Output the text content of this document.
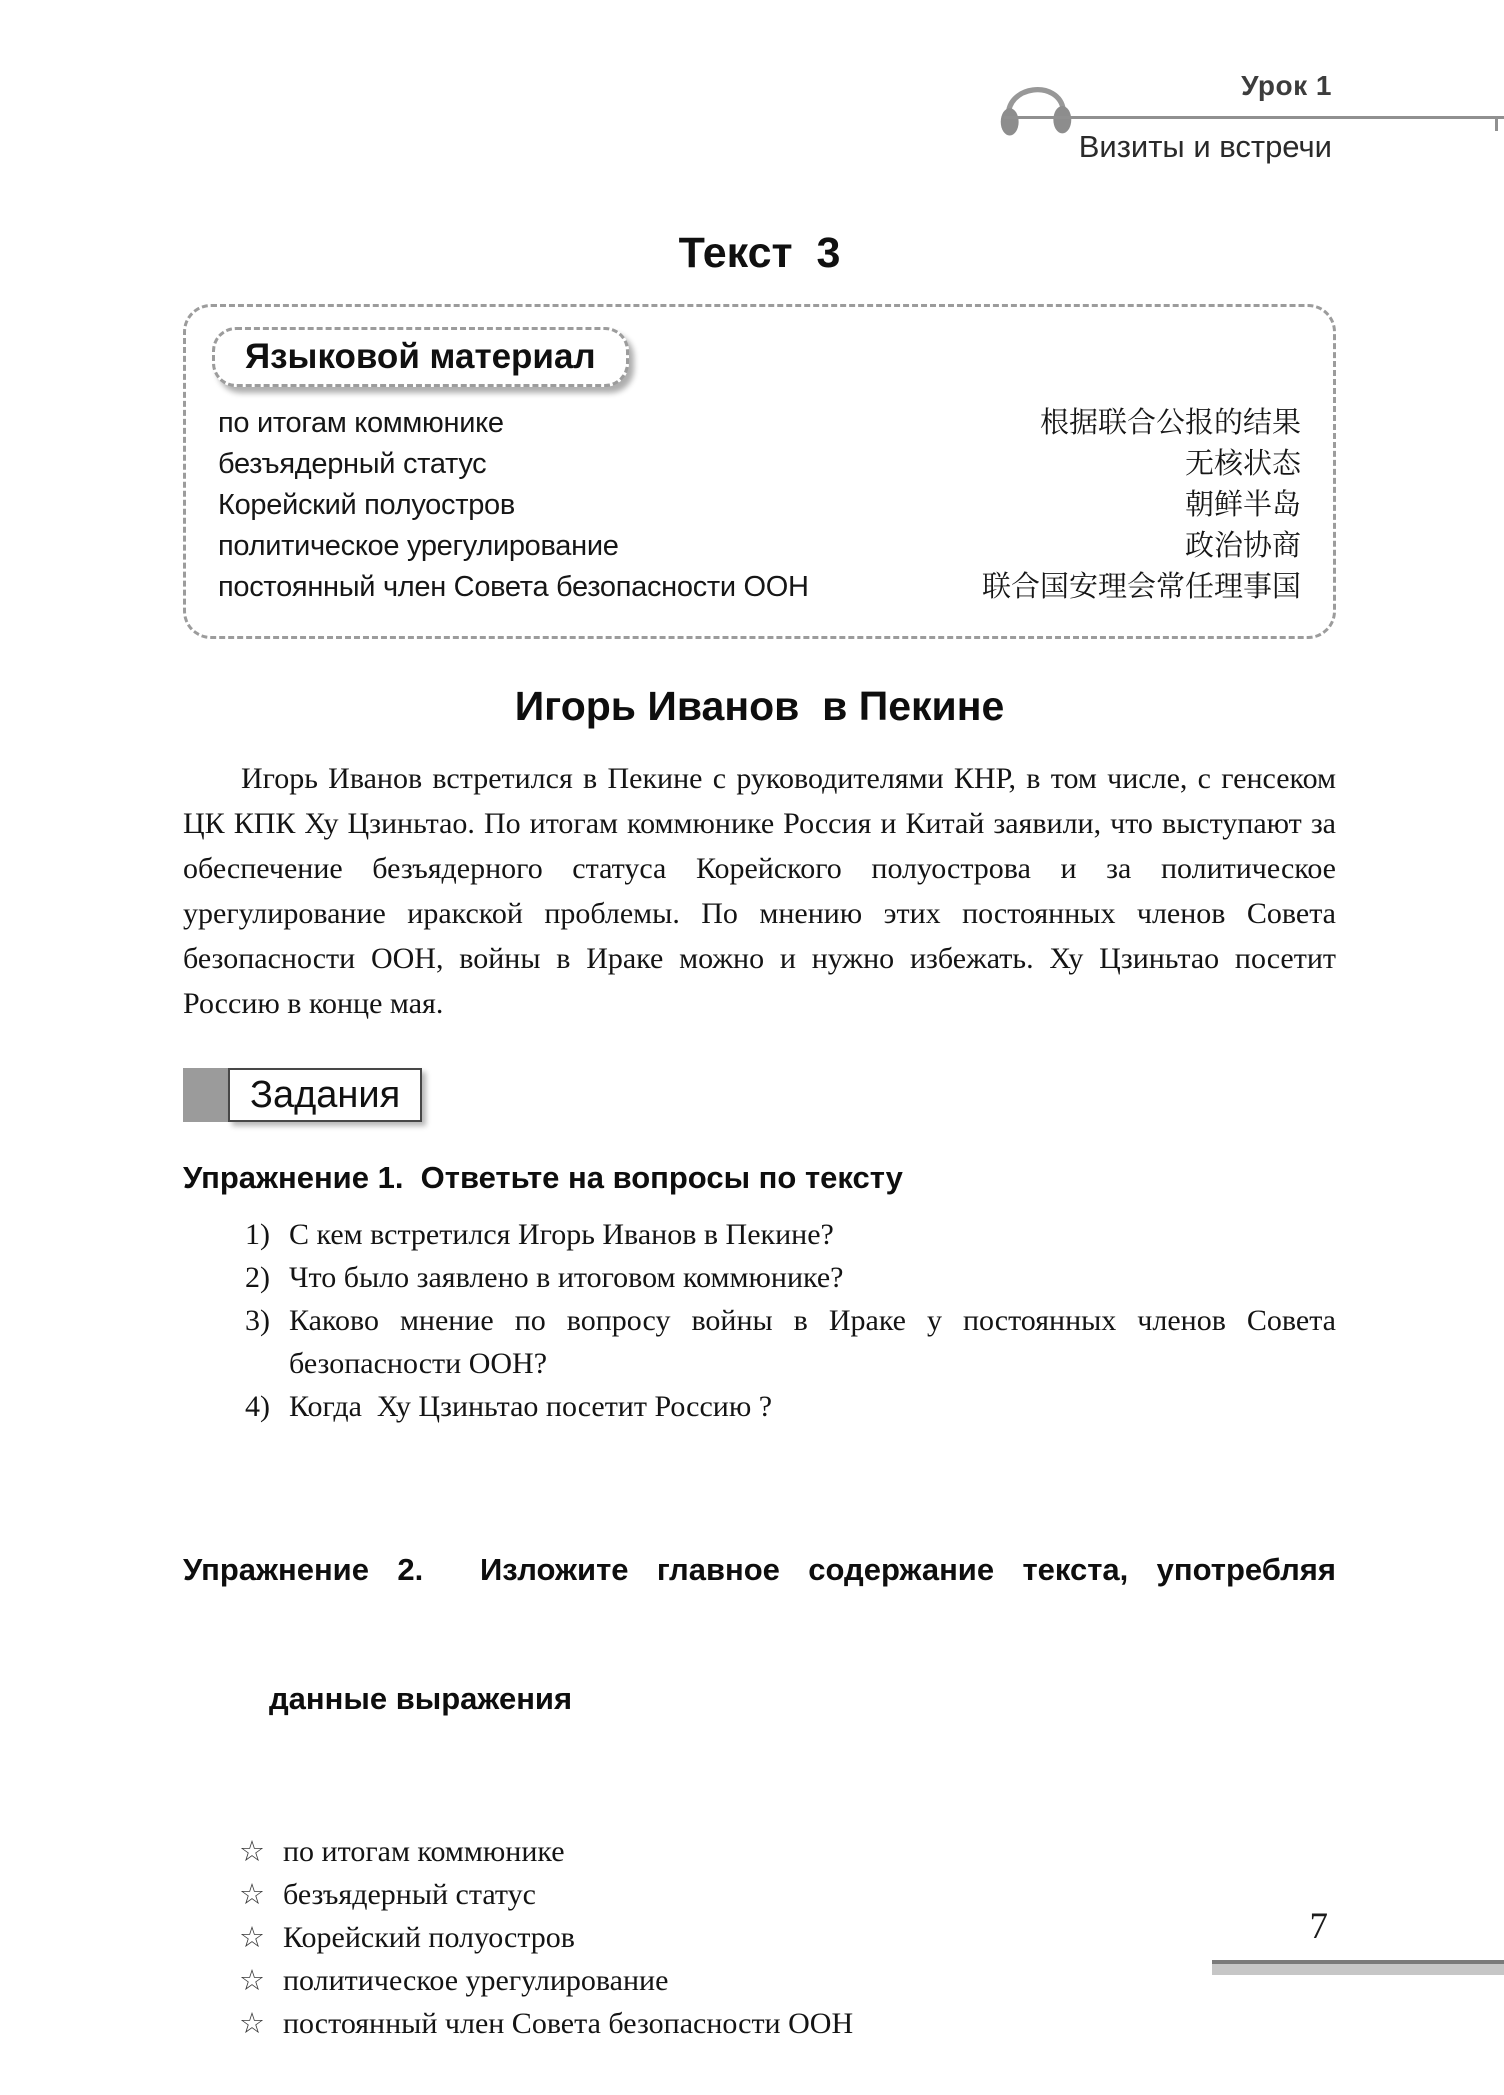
Урок 1
Визиты и встречи
Текст  3
Языковой материал
по итогам коммюнике	根据联合公报的结果
безъядерный статус	无核状态
Корейский полуостров	朝鲜半岛
политическое урегулирование	政治协商
постоянный член Совета безопасности ООН	联合国安理会常任理事国
Игорь Иванов  в Пекине

Игорь Иванов встретился в Пекине с руководителями КНР, в том числе, с генсеком ЦК КПК Ху Цзиньтао. По итогам коммюнике Россия и Китай заявили, что выступают за обеспечение безъядерного статуса Корейского полуострова и за политическое урегулирование иракской проблемы. По мнению этих постоянных членов Совета безопасности ООН, войны в Ираке можно и нужно избежать. Ху Цзиньтао посетит Россию в конце мая.

Задания
Упражнение 1.  Ответьте на вопросы по тексту
1) С кем встретился Игорь Иванов в Пекине?
2) Что было заявлено в итоговом коммюнике?
3) Каково мнение по вопросу войны в Ираке у постоянных членов Совета безопасности ООН?
4) Когда  Ху Цзиньтао посетит Россию ?

Упражнение 2.  Изложите главное содержание текста, употребляя

данные выражения

☆ по итогам коммюнике
☆ безъядерный статус
☆ Корейский полуостров
☆ политическое урегулирование
☆ постоянный член Совета безопасности ООН
7
